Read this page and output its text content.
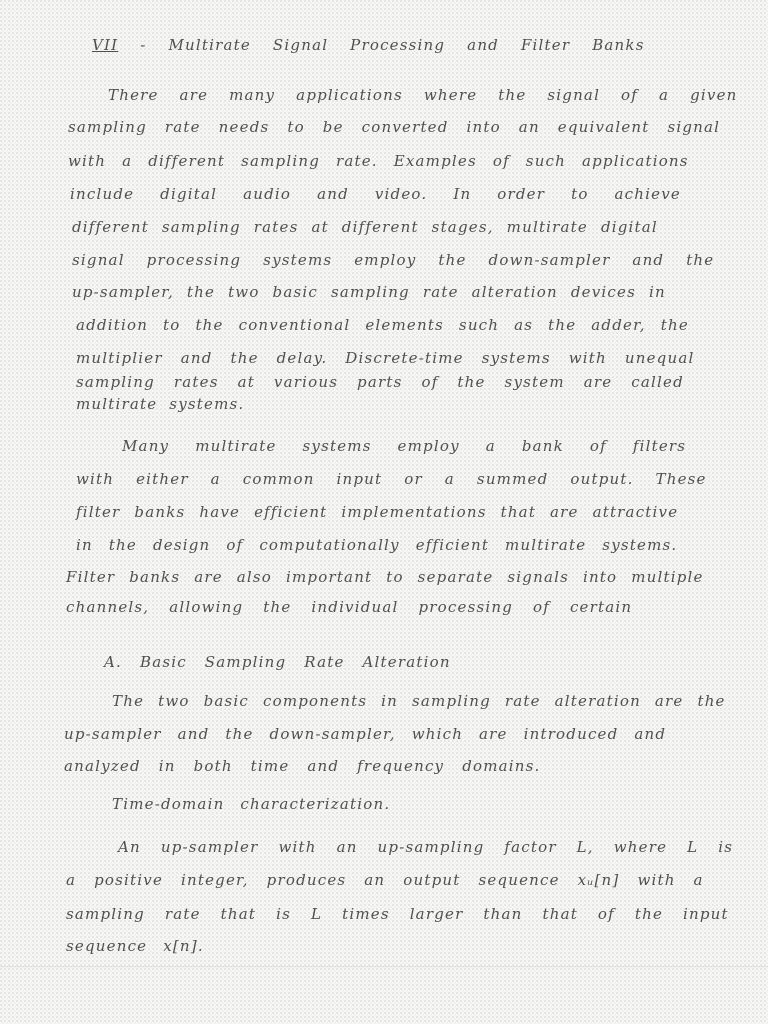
VII - Multirate Signal Processing and Filter Banks
There are many applications where the signal of a given
sampling rate needs to be converted into an equivalent signal
with a different sampling rate. Examples of such applications
include digital audio and video. In order to achieve
different sampling rates at different stages, multirate digital
signal processing systems employ the down-sampler and the
up-sampler, the two basic sampling rate alteration devices in
addition to the conventional elements such as the adder, the
multiplier and the delay. Discrete-time systems with unequal
sampling rates at various parts of the system are called
multirate systems.
Many multirate systems employ a bank of filters
with either a common input or a summed output. These
filter banks have efficient implementations that are attractive
in the design of computationally efficient multirate systems.
Filter banks are also important to separate signals into multiple
channels, allowing the individual processing of certain
A. Basic Sampling Rate Alteration
The two basic components in sampling rate alteration are the
up-sampler and the down-sampler, which are introduced and
analyzed in both time and frequency domains.
Time-domain characterization.
An up-sampler with an up-sampling factor L, where L is
a positive integer, produces an output sequence xᵤ[n] with a
sampling rate that is L times larger than that of the input
sequence x[n].
